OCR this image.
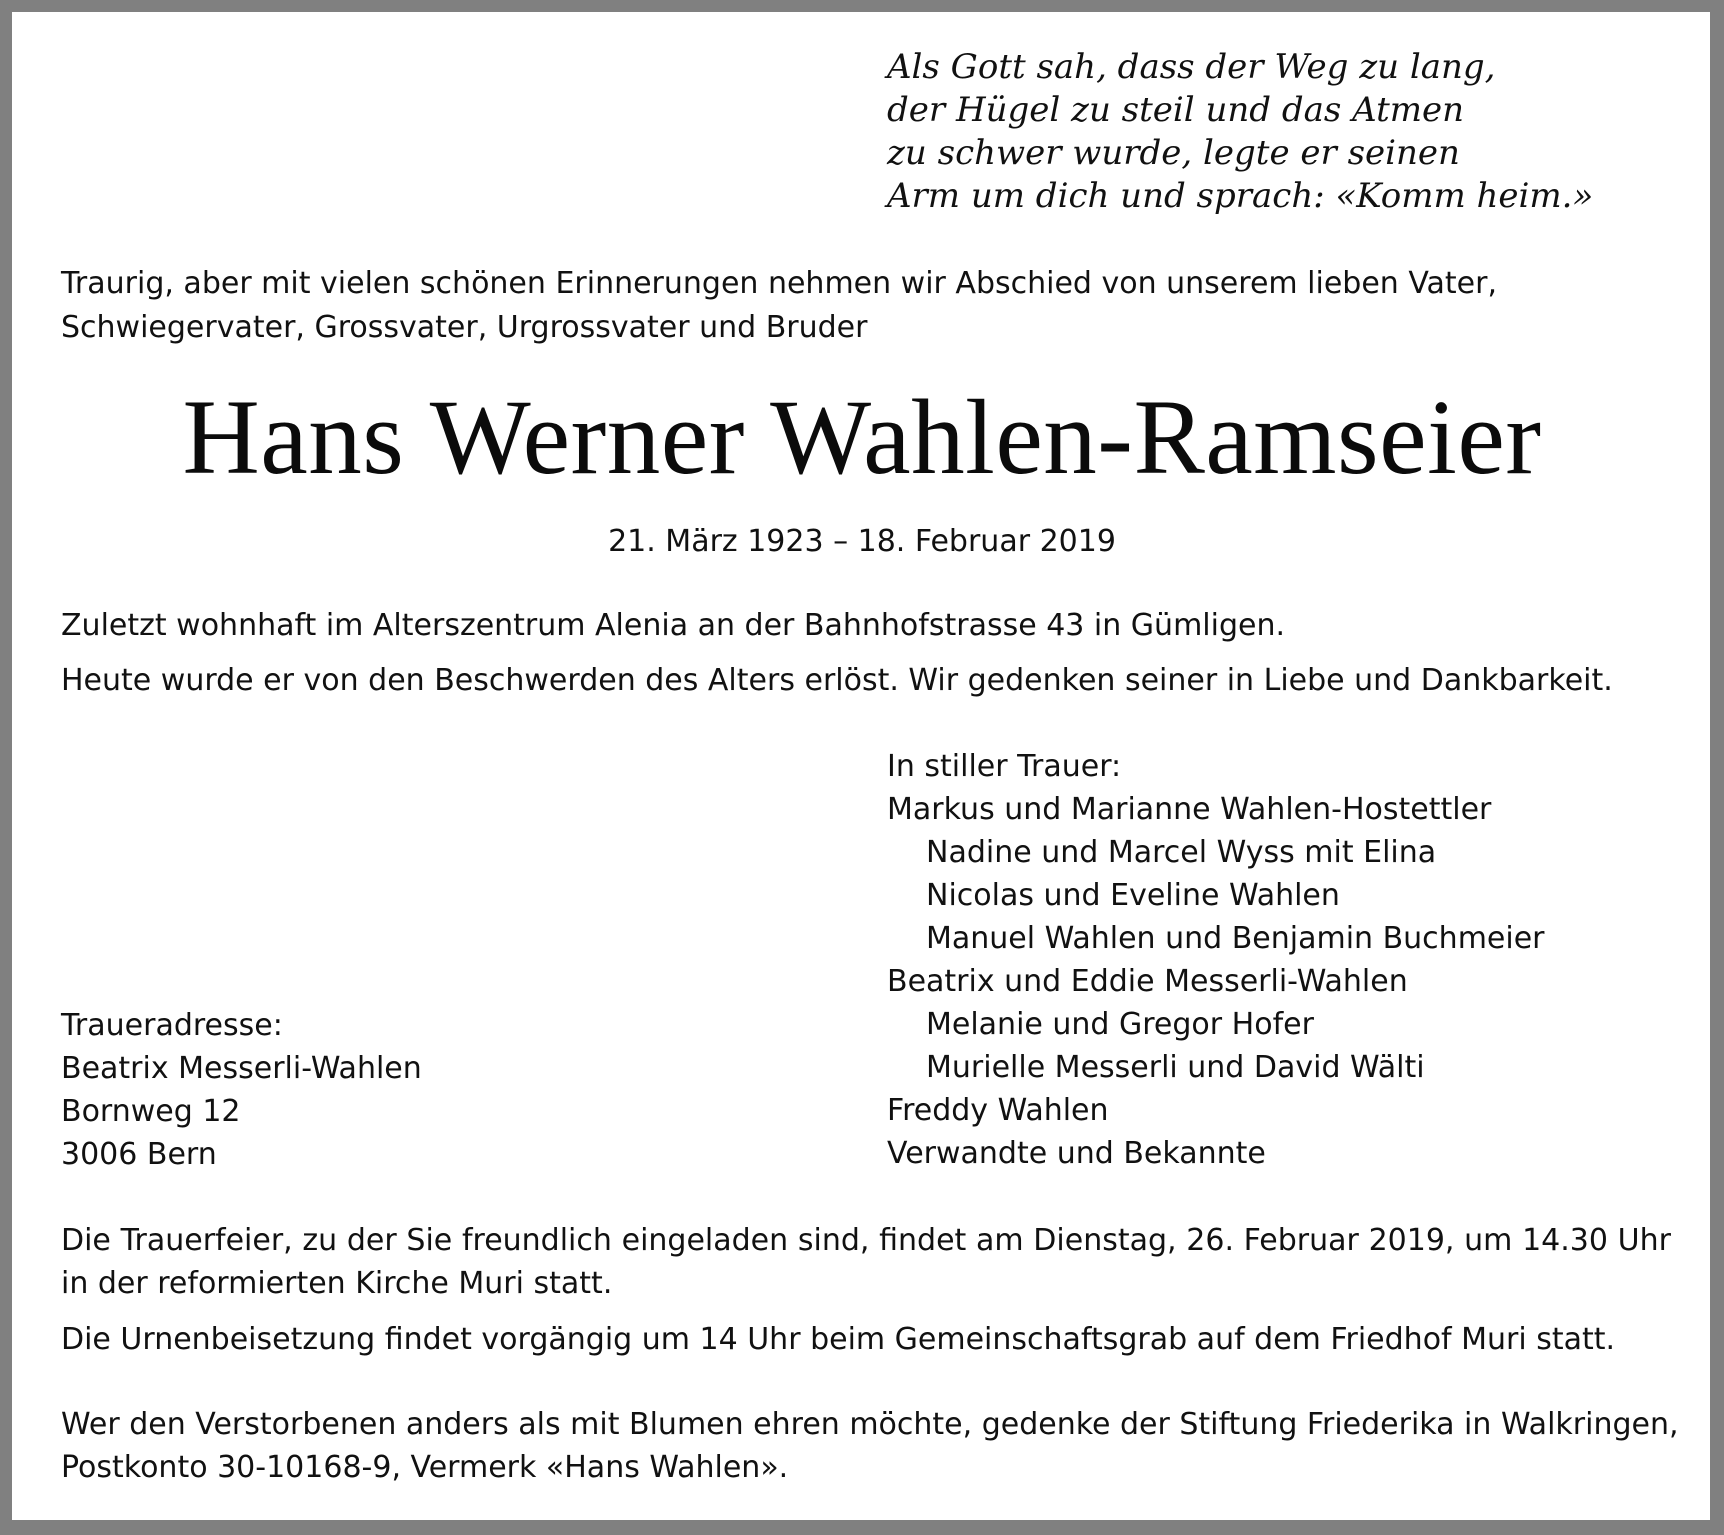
Als Gott sah, dass der Weg zu lang,
der Hügel zu steil und das Atmen
zu schwer wurde, legte er seinen
Arm um dich und sprach: «Komm heim.»
Traurig, aber mit vielen schönen Erinnerungen nehmen wir Abschied von unserem lieben Vater, Schwiegervater, Grossvater, Urgrossvater und Bruder
Hans Werner Wahlen-Ramseier
21. März 1923 – 18. Februar 2019
Zuletzt wohnhaft im Alterszentrum Alenia an der Bahnhofstrasse 43 in Gümligen.
Heute wurde er von den Beschwerden des Alters erlöst. Wir gedenken seiner in Liebe und Dankbarkeit.
In stiller Trauer:
Markus und Marianne Wahlen-Hostettler
Nadine und Marcel Wyss mit Elina
Nicolas und Eveline Wahlen
Manuel Wahlen und Benjamin Buchmeier
Beatrix und Eddie Messerli-Wahlen
Melanie und Gregor Hofer
Murielle Messerli und David Wälti
Freddy Wahlen
Verwandte und Bekannte
Traueradresse:
Beatrix Messerli-Wahlen
Bornweg 12
3006 Bern
Die Trauerfeier, zu der Sie freundlich eingeladen sind, findet am Dienstag, 26. Februar 2019, um 14.30 Uhr in der reformierten Kirche Muri statt.
Die Urnenbeisetzung findet vorgängig um 14 Uhr beim Gemeinschaftsgrab auf dem Friedhof Muri statt.
Wer den Verstorbenen anders als mit Blumen ehren möchte, gedenke der Stiftung Friederika in Walkringen,
Postkonto 30-10168-9, Vermerk «Hans Wahlen».
